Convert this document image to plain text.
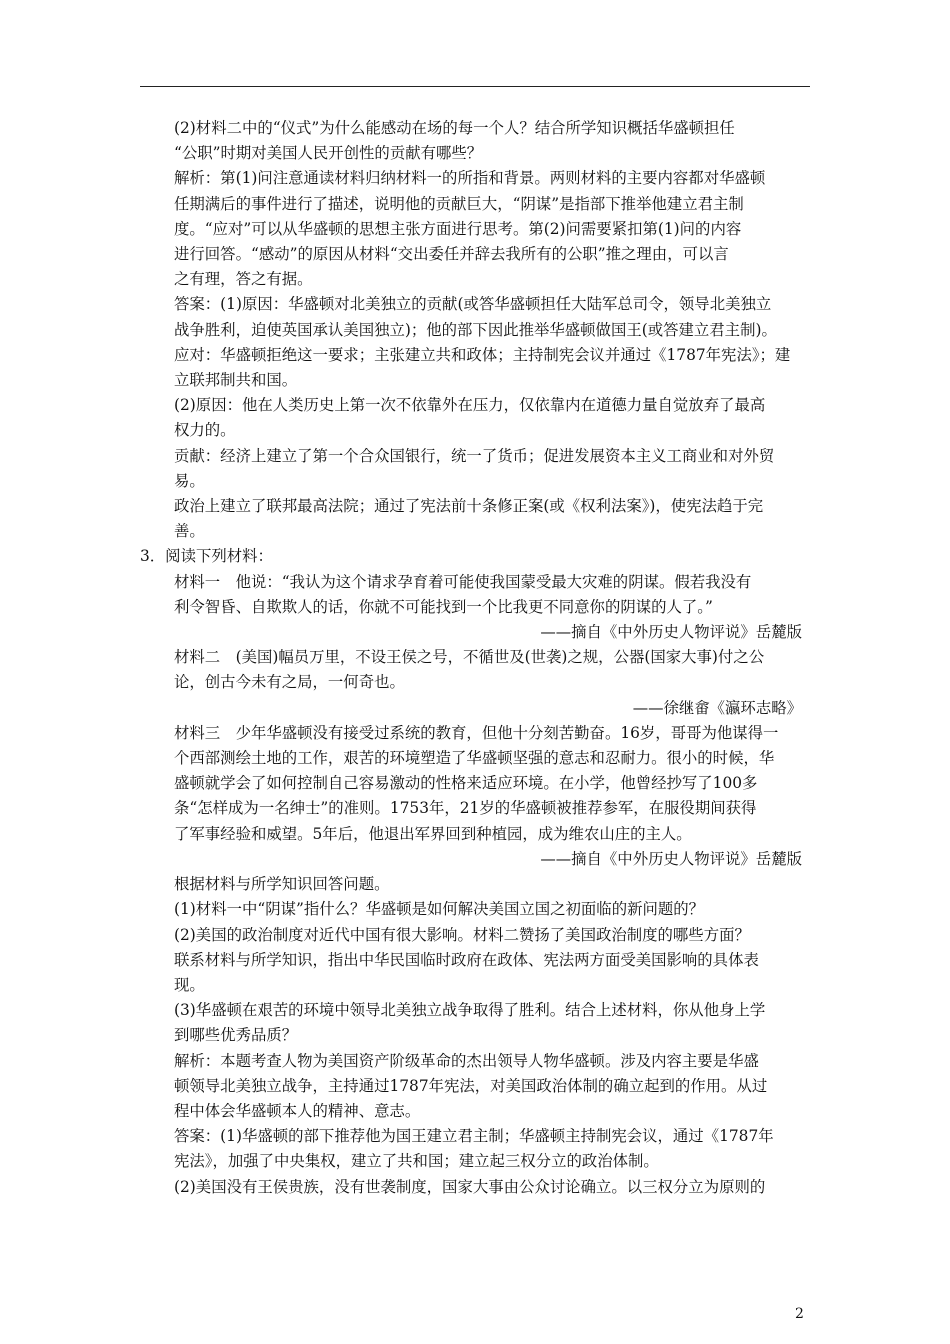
(2)材料二中的“仪式”为什么能感动在场的每一个人？结合所学知识概括华盛顿担任

“公职”时期对美国人民开创性的贡献有哪些？

解析：第(1)问注意通读材料归纳材料一的所指和背景。两则材料的主要内容都对华盛顿

任期满后的事件进行了描述，说明他的贡献巨大，“阴谋”是指部下推举他建立君主制

度。“应对”可以从华盛顿的思想主张方面进行思考。第(2)问需要紧扣第(1)问的内容

进行回答。“感动”的原因从材料“交出委任并辞去我所有的公职”推之理由，可以言

之有理，答之有据。

答案：(1)原因：华盛顿对北美独立的贡献(或答华盛顿担任大陆军总司令，领导北美独立

战争胜利，迫使英国承认美国独立)；他的部下因此推举华盛顿做国王(或答建立君主制)。

应对：华盛顿拒绝这一要求；主张建立共和政体；主持制宪会议并通过《1787年宪法》；建

立联邦制共和国。

(2)原因：他在人类历史上第一次不依靠外在压力，仅依靠内在道德力量自觉放弃了最高

权力的。

贡献：经济上建立了第一个合众国银行，统一了货币；促进发展资本主义工商业和对外贸

易。

政治上建立了联邦最高法院；通过了宪法前十条修正案(或《权利法案》)，使宪法趋于完

善。

3．阅读下列材料：

材料一　他说：“我认为这个请求孕育着可能使我国蒙受最大灾难的阴谋。假若我没有

利令智昏、自欺欺人的话，你就不可能找到一个比我更不同意你的阴谋的人了。”

——摘自《中外历史人物评说》岳麓版

材料二　(美国)幅员万里，不设王侯之号，不循世及(世袭)之规，公器(国家大事)付之公

论，创古今未有之局，一何奇也。

——徐继畲《瀛环志略》

材料三　少年华盛顿没有接受过系统的教育，但他十分刻苦勤奋。16岁，哥哥为他谋得一

个西部测绘土地的工作，艰苦的环境塑造了华盛顿坚强的意志和忍耐力。很小的时候，华

盛顿就学会了如何控制自己容易激动的性格来适应环境。在小学，他曾经抄写了100多

条“怎样成为一名绅士”的准则。1753年，21岁的华盛顿被推荐参军，在服役期间获得

了军事经验和威望。5年后，他退出军界回到种植园，成为维农山庄的主人。

——摘自《中外历史人物评说》岳麓版

根据材料与所学知识回答问题。

(1)材料一中“阴谋”指什么？华盛顿是如何解决美国立国之初面临的新问题的？

(2)美国的政治制度对近代中国有很大影响。材料二赞扬了美国政治制度的哪些方面？

联系材料与所学知识，指出中华民国临时政府在政体、宪法两方面受美国影响的具体表

现。

(3)华盛顿在艰苦的环境中领导北美独立战争取得了胜利。结合上述材料，你从他身上学

到哪些优秀品质？

解析：本题考查人物为美国资产阶级革命的杰出领导人物华盛顿。涉及内容主要是华盛

顿领导北美独立战争，主持通过1787年宪法，对美国政治体制的确立起到的作用。从过

程中体会华盛顿本人的精神、意志。

答案：(1)华盛顿的部下推荐他为国王建立君主制；华盛顿主持制宪会议，通过《1787年

宪法》，加强了中央集权，建立了共和国；建立起三权分立的政治体制。

(2)美国没有王侯贵族，没有世袭制度，国家大事由公众讨论确立。以三权分立为原则的

2
